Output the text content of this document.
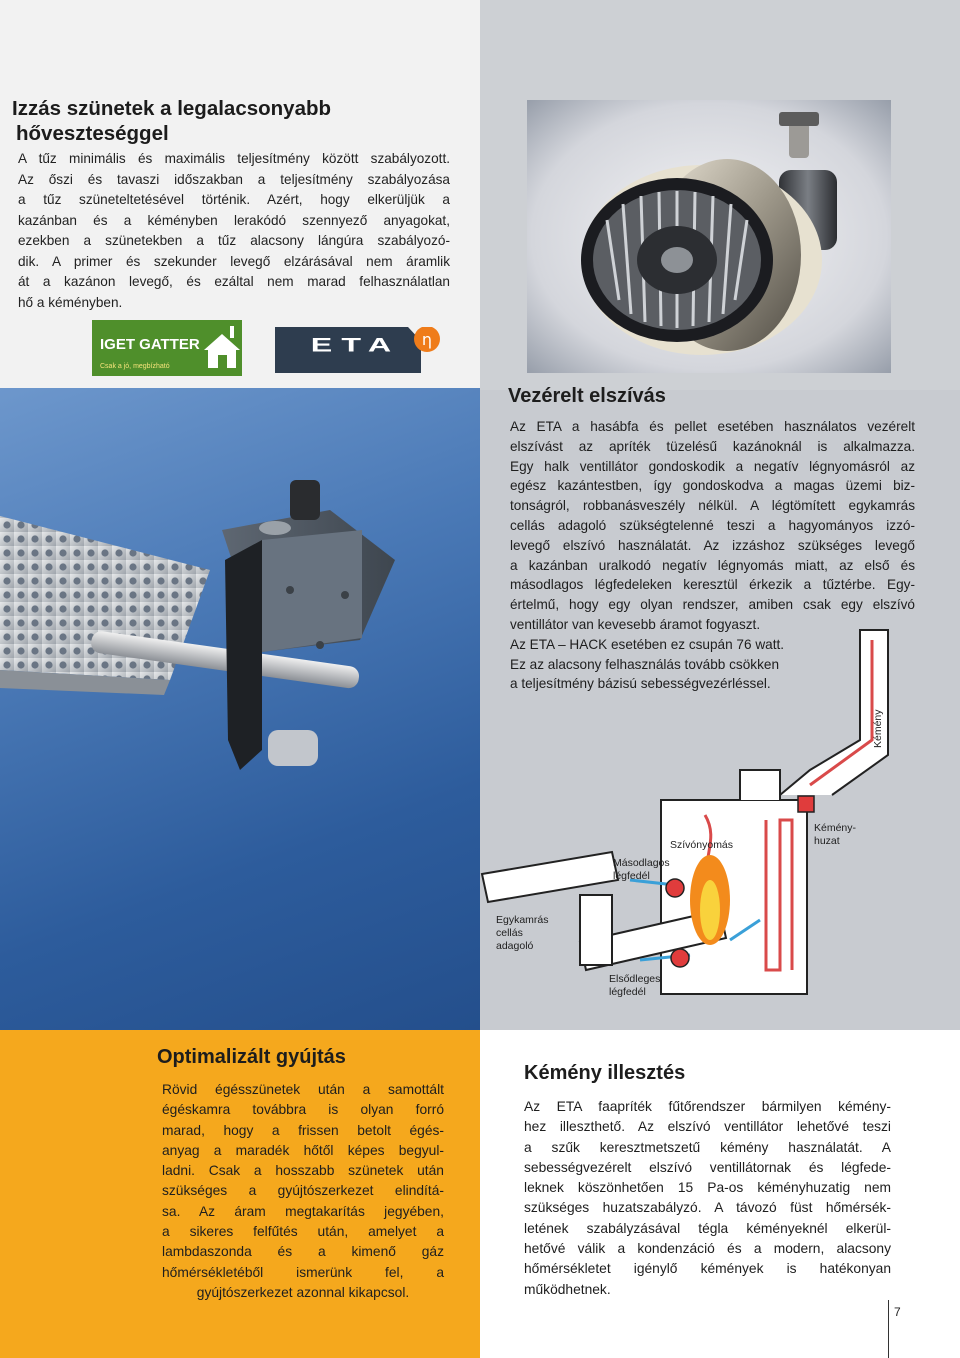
Izzás szünetek a legalacsonyabb
hőveszteséggel
A tűz minimális és maximális teljesítmény között szabályozott.
Az őszi és tavaszi időszakban a teljesítmény szabályozása
a tűz szüneteltetésével történik. Azért, hogy elkerüljük a
kazánban és a kéményben lerakódó szennyező anyagokat,
ezekben a szünetekben a tűz alacsony lángúra szabályozó-
dik. A primer és szekunder levegő elzárásával nem áramlik
át a kazánon levegő, és ezáltal nem marad felhasználatlan
hő a kéményben.
IGET GATTER
Csak a jó, megbízható
η
ETA
Vezérelt elszívás
Az ETA a hasábfa és pellet esetében használatos vezérelt
elszívást az apríték tüzelésű kazánoknál is alkalmazza.
Egy halk ventillátor gondoskodik a negatív légnyomásról az
egész kazántestben, így gondoskodva a magas üzemi biz-
tonságról, robbanásveszély nélkül. A légtömített egykamrás
cellás adagoló szükségtelenné teszi a hagyományos izzó-
levegő elszívó használatát. Az izzáshoz szükséges levegő
a kazánban uralkodó negatív légnyomás miatt, az első és
másodlagos légfedeleken keresztül érkezik a tűztérbe. Egy-
értelmű, hogy egy olyan rendszer, amiben csak egy elszívó
ventillátor van kevesebb áramot fogyaszt.
Az ETA – HACK esetében ez csupán 76 watt.
Ez az alacsony felhasználás tovább csökken
a teljesítmény bázisú sebességvezérléssel.
Kémény
Kémény-
huzat
Szívónyomás
Másodlagos
légfedél
Egykamrás
cellás
adagoló
Elsődleges
légfedél
Optimalizált gyújtás
Rövid égésszünetek után a samottált
égéskamra továbbra is olyan forró
marad, hogy a frissen betolt égés-
anyag a maradék hőtől képes begyul-
ladni. Csak a hosszabb szünetek után
szükséges a gyújtószerkezet elindítá-
sa. Az áram megtakarítás jegyében,
a sikeres felfűtés után, amelyet a
lambdaszonda és a kimenő gáz
hőmérsékletéből ismerünk fel, a
gyújtószerkezet azonnal kikapcsol.
Kémény illesztés
Az ETA faapríték fűtőrendszer bármilyen kémény-
hez illeszthető. Az elszívó ventillátor lehetővé teszi
a szűk keresztmetszetű kémény használatát. A
sebességvezérelt elszívó ventillátornak és légfede-
leknek köszönhetően 15 Pa-os kéményhuzatig nem
szükséges huzatszabályzó. A távozó füst hőmérsék-
letének szabályzásával tégla kéményeknél elkerül-
hetővé válik a kondenzáció és a modern, alacsony
hőmérsékletet igénylő kémények is hatékonyan
működhetnek.
7
